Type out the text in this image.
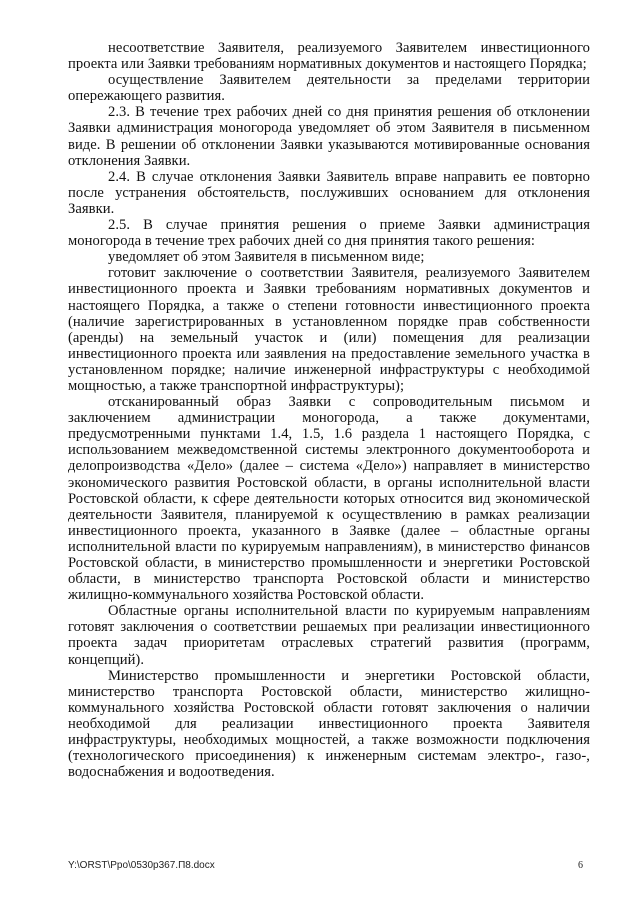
несоответствие Заявителя, реализуемого Заявителем инвестиционного проекта или Заявки требованиям нормативных документов и настоящего Порядка;

осуществление Заявителем деятельности за пределами территории опережающего развития.

2.3. В течение трех рабочих дней со дня принятия решения об отклонении Заявки администрация моногорода уведомляет об этом Заявителя в письменном виде. В решении об отклонении Заявки указываются мотивированные основания отклонения Заявки.

2.4. В случае отклонения Заявки Заявитель вправе направить ее повторно после устранения обстоятельств, послуживших основанием для отклонения Заявки.

2.5. В случае принятия решения о приеме Заявки администрация моногорода в течение трех рабочих дней со дня принятия такого решения:

уведомляет об этом Заявителя в письменном виде;

готовит заключение о соответствии Заявителя, реализуемого Заявителем инвестиционного проекта и Заявки требованиям нормативных документов и настоящего Порядка, а также о степени готовности инвестиционного проекта (наличие зарегистрированных в установленном порядке прав собственности (аренды) на земельный участок и (или) помещения для реализации инвестиционного проекта или заявления на предоставление земельного участка в установленном порядке; наличие инженерной инфраструктуры с необходимой мощностью, а также транспортной инфраструктуры);

отсканированный образ Заявки с сопроводительным письмом и заключением администрации моногорода, а также документами, предусмотренными пунктами 1.4, 1.5, 1.6 раздела 1 настоящего Порядка, с использованием межведомственной системы электронного документооборота и делопроизводства «Дело» (далее – система «Дело») направляет в министерство экономического развития Ростовской области, в органы исполнительной власти Ростовской области, к сфере деятельности которых относится вид экономической деятельности Заявителя, планируемой к осуществлению в рамках реализации инвестиционного проекта, указанного в Заявке (далее – областные органы исполнительной власти по курируемым направлениям), в министерство финансов Ростовской области, в министерство промышленности и энергетики Ростовской области, в министерство транспорта Ростовской области и министерство жилищно-коммунального хозяйства Ростовской области.

Областные органы исполнительной власти по курируемым направлениям готовят заключения о соответствии решаемых при реализации инвестиционного проекта задач приоритетам отраслевых стратегий развития (программ, концепций).

Министерство промышленности и энергетики Ростовской области, министерство транспорта Ростовской области, министерство жилищно-коммунального хозяйства Ростовской области готовят заключения о наличии необходимой для реализации инвестиционного проекта Заявителя инфраструктуры, необходимых мощностей, а также возможности подключения (технологического присоединения) к инженерным системам электро-, газо-, водоснабжения и водоотведения.

Y:\ORST\Ppo\0530p367.П8.docx	6
